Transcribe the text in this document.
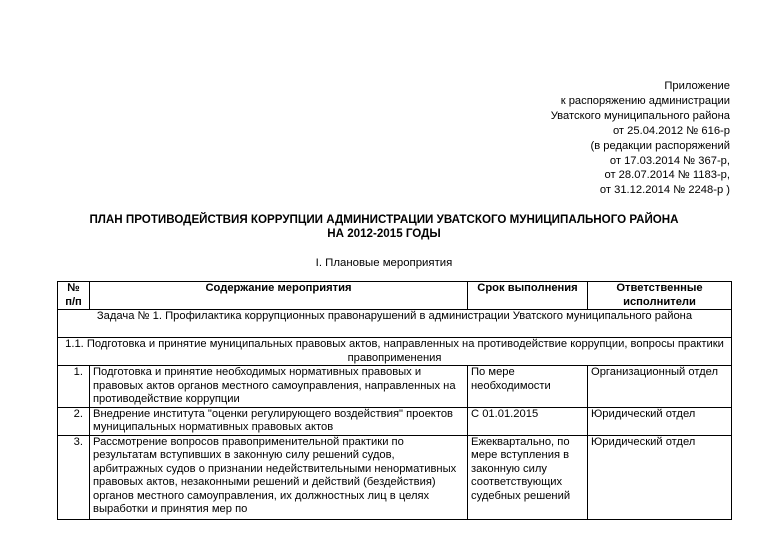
Приложение
к распоряжению администрации
Уватского муниципального района
от 25.04.2012 № 616-р
(в редакции распоряжений
от 17.03.2014 № 367-р,
от 28.07.2014 № 1183-р,
от 31.12.2014 № 2248-р )
ПЛАН ПРОТИВОДЕЙСТВИЯ КОРРУПЦИИ АДМИНИСТРАЦИИ УВАТСКОГО МУНИЦИПАЛЬНОГО РАЙОНА
НА 2012-2015 ГОДЫ
I. Плановые мероприятия
№ п/п	Содержание мероприятия	Срок выполнения	Ответственные исполнители
Задача № 1. Профилактика коррупционных правонарушений в администрации Уватского муниципального района			
1.1. Подготовка и принятие муниципальных правовых актов, направленных на противодействие коррупции, вопросы практики правоприменения			
1.	Подготовка и принятие необходимых нормативных правовых и правовых актов органов местного самоуправления, направленных на противодействие коррупции	По мере необходимости	Организационный отдел
2.	Внедрение института "оценки регулирующего воздействия" проектов муниципальных нормативных правовых актов	С 01.01.2015	Юридический отдел
3.	Рассмотрение вопросов правоприменительной практики по результатам вступивших в законную силу решений судов, арбитражных судов о признании недействительными ненормативных правовых актов, незаконными решений и действий (бездействия) органов местного самоуправления, их должностных лиц в целях выработки и принятия мер по	Ежеквартально, по мере вступления в законную силу соответствующих судебных решений	Юридический отдел
